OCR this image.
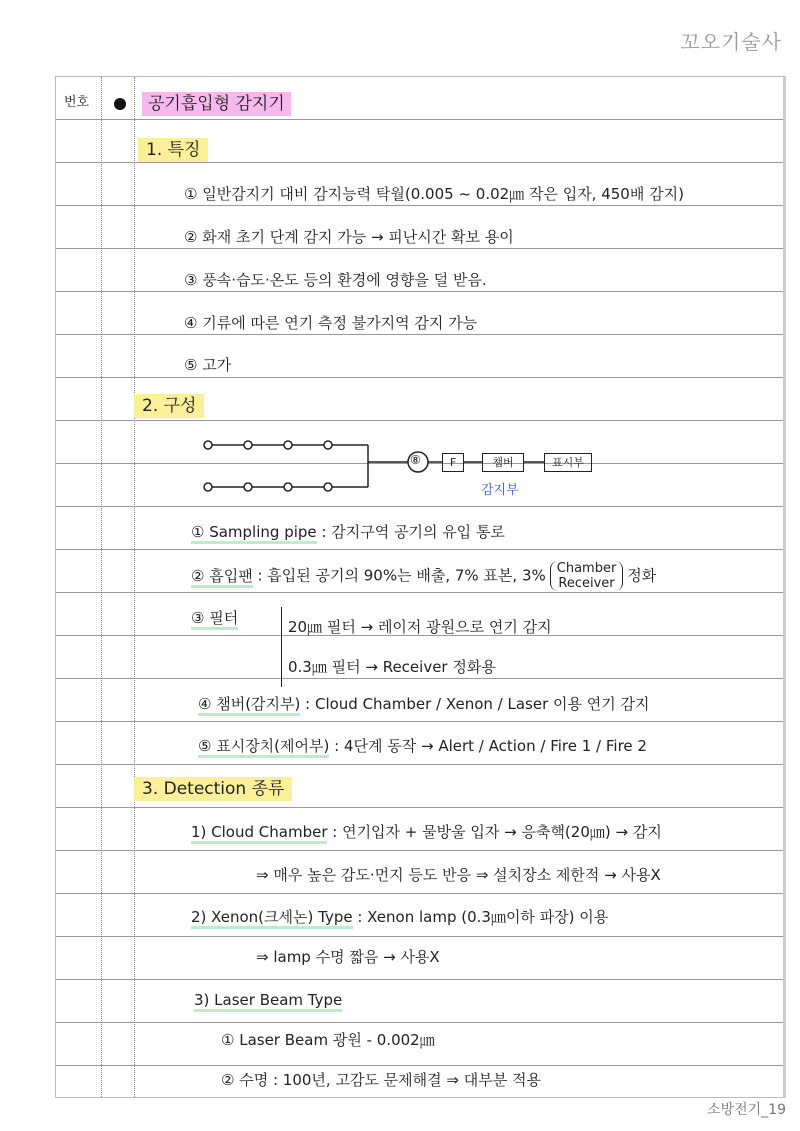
꼬오기술사
번호	공기흡입형 감지기
1. 특징
① 일반감지기 대비 감지능력 탁월(0.005 ~ 0.02㎛ 작은 입자, 450배 감지)
② 화재 초기 단계 감지 가능 → 피난시간 확보 용이
③ 풍속·습도·온도 등의 환경에 영향을 덜 받음.
④ 기류에 따른 연기 측정 불가지역 감지 가능
⑤ 고가
2. 구성
⑧	F	챔버	표시부
감지부
① Sampling pipe : 감지구역 공기의 유입 통로
② 흡입팬 : 흡입된 공기의 90%는 배출, 7% 표본, 3% Chamber
Receiver 정화
③ 필터	20㎛ 필터 → 레이저 광원으로 연기 감지
0.3㎛ 필터 → Receiver 정화용
④ 챔버(감지부) : Cloud Chamber / Xenon / Laser 이용 연기 감지
⑤ 표시장치(제어부) : 4단계 동작 → Alert / Action / Fire 1 / Fire 2
3. Detection 종류
1) Cloud Chamber : 연기입자 + 물방울 입자 → 응축핵(20㎛) → 감지
⇒ 매우 높은 감도·먼지 등도 반응 ⇒ 설치장소 제한적 → 사용X
2) Xenon(크세논) Type : Xenon lamp (0.3㎛이하 파장) 이용
⇒ lamp 수명 짧음 → 사용X
3) Laser Beam Type
① Laser Beam 광원 - 0.002㎛
② 수명 : 100년, 고감도 문제해결 ⇒ 대부분 적용
소방전기_19
